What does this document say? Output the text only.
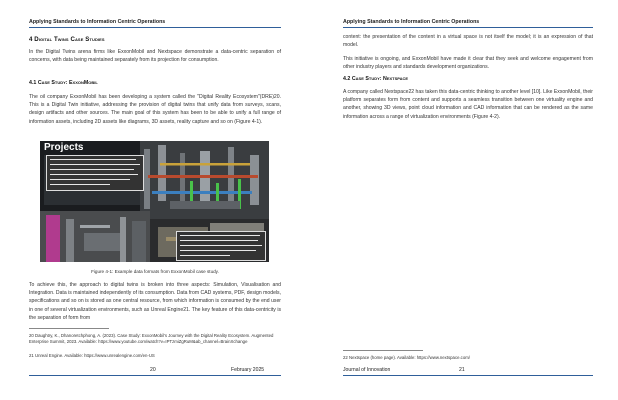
Applying Standards to Information Centric Operations
4 Digital Twins Case Studies

In the Digital Twins arena firms like ExxonMobil and Nextspace demonstrate a data-centric separation of concerns, with data being maintained separately from its projection for consumption.

4.1 Case Study: ExxonMobil

The oil company ExxonMobil has been developing a system called the "Digital Reality Ecosystem"(DRE)20. This is a Digital Twin initiative, addressing the provision of digital twins that unify data from surveys, scans, design artifacts and other sources. The main goal of this system has been to be able to unify a full range of information assets, including 2D assets like diagrams, 3D assets, reality capture and so on (Figure 4-1).

Projects
Figure 4-1: Example data formats from ExxonMobil case study.

To achieve this, the approach to digital twins is broken into three aspects: Simulation, Visualisation and Integration. Data is maintained independently of its consumption. Data from CAD systems, PDF, design models, specifications and so on is stored as one central resource, from which information is consumed by the end user in one of several virtualization environments, such as Unreal Engine21. The key feature of this data-centricity is the separation of form from

20 Daughtry, K., Dhanoretchphong, A. (2023). Case Study: ExxonMobil's Journey with the Digital Reality Ecosystem. Augmented Enterprise Summit, 2023. Available: https://www.youtube.com/watch?v=IPTzmiZgRuM&ab_channel=BrainXchange
21 Unreal Engine. Available: https://www.unrealengine.com/en-US
20	February 2025
Applying Standards to Information Centric Operations

content: the presentation of the content in a virtual space is not itself the model; it is an expression of that model.

This initiative is ongoing, and ExxonMobil have made it clear that they seek and welcome engagement from other industry players and standards development organizations.

4.2 Case Study: Nextspace

A company called Nextspace22 has taken this data-centric thinking to another level [10]. Like ExxonMobil, their platform separates form from content and supports a seamless transition between one virtuality engine and another, showing 3D views, point cloud information and CAD information that can be rendered as the same information across a range of virtualization environments (Figure 4-2).

22 Nextspace (home page). Available: https://www.nextspace.com/
Journal of Innovation	21
